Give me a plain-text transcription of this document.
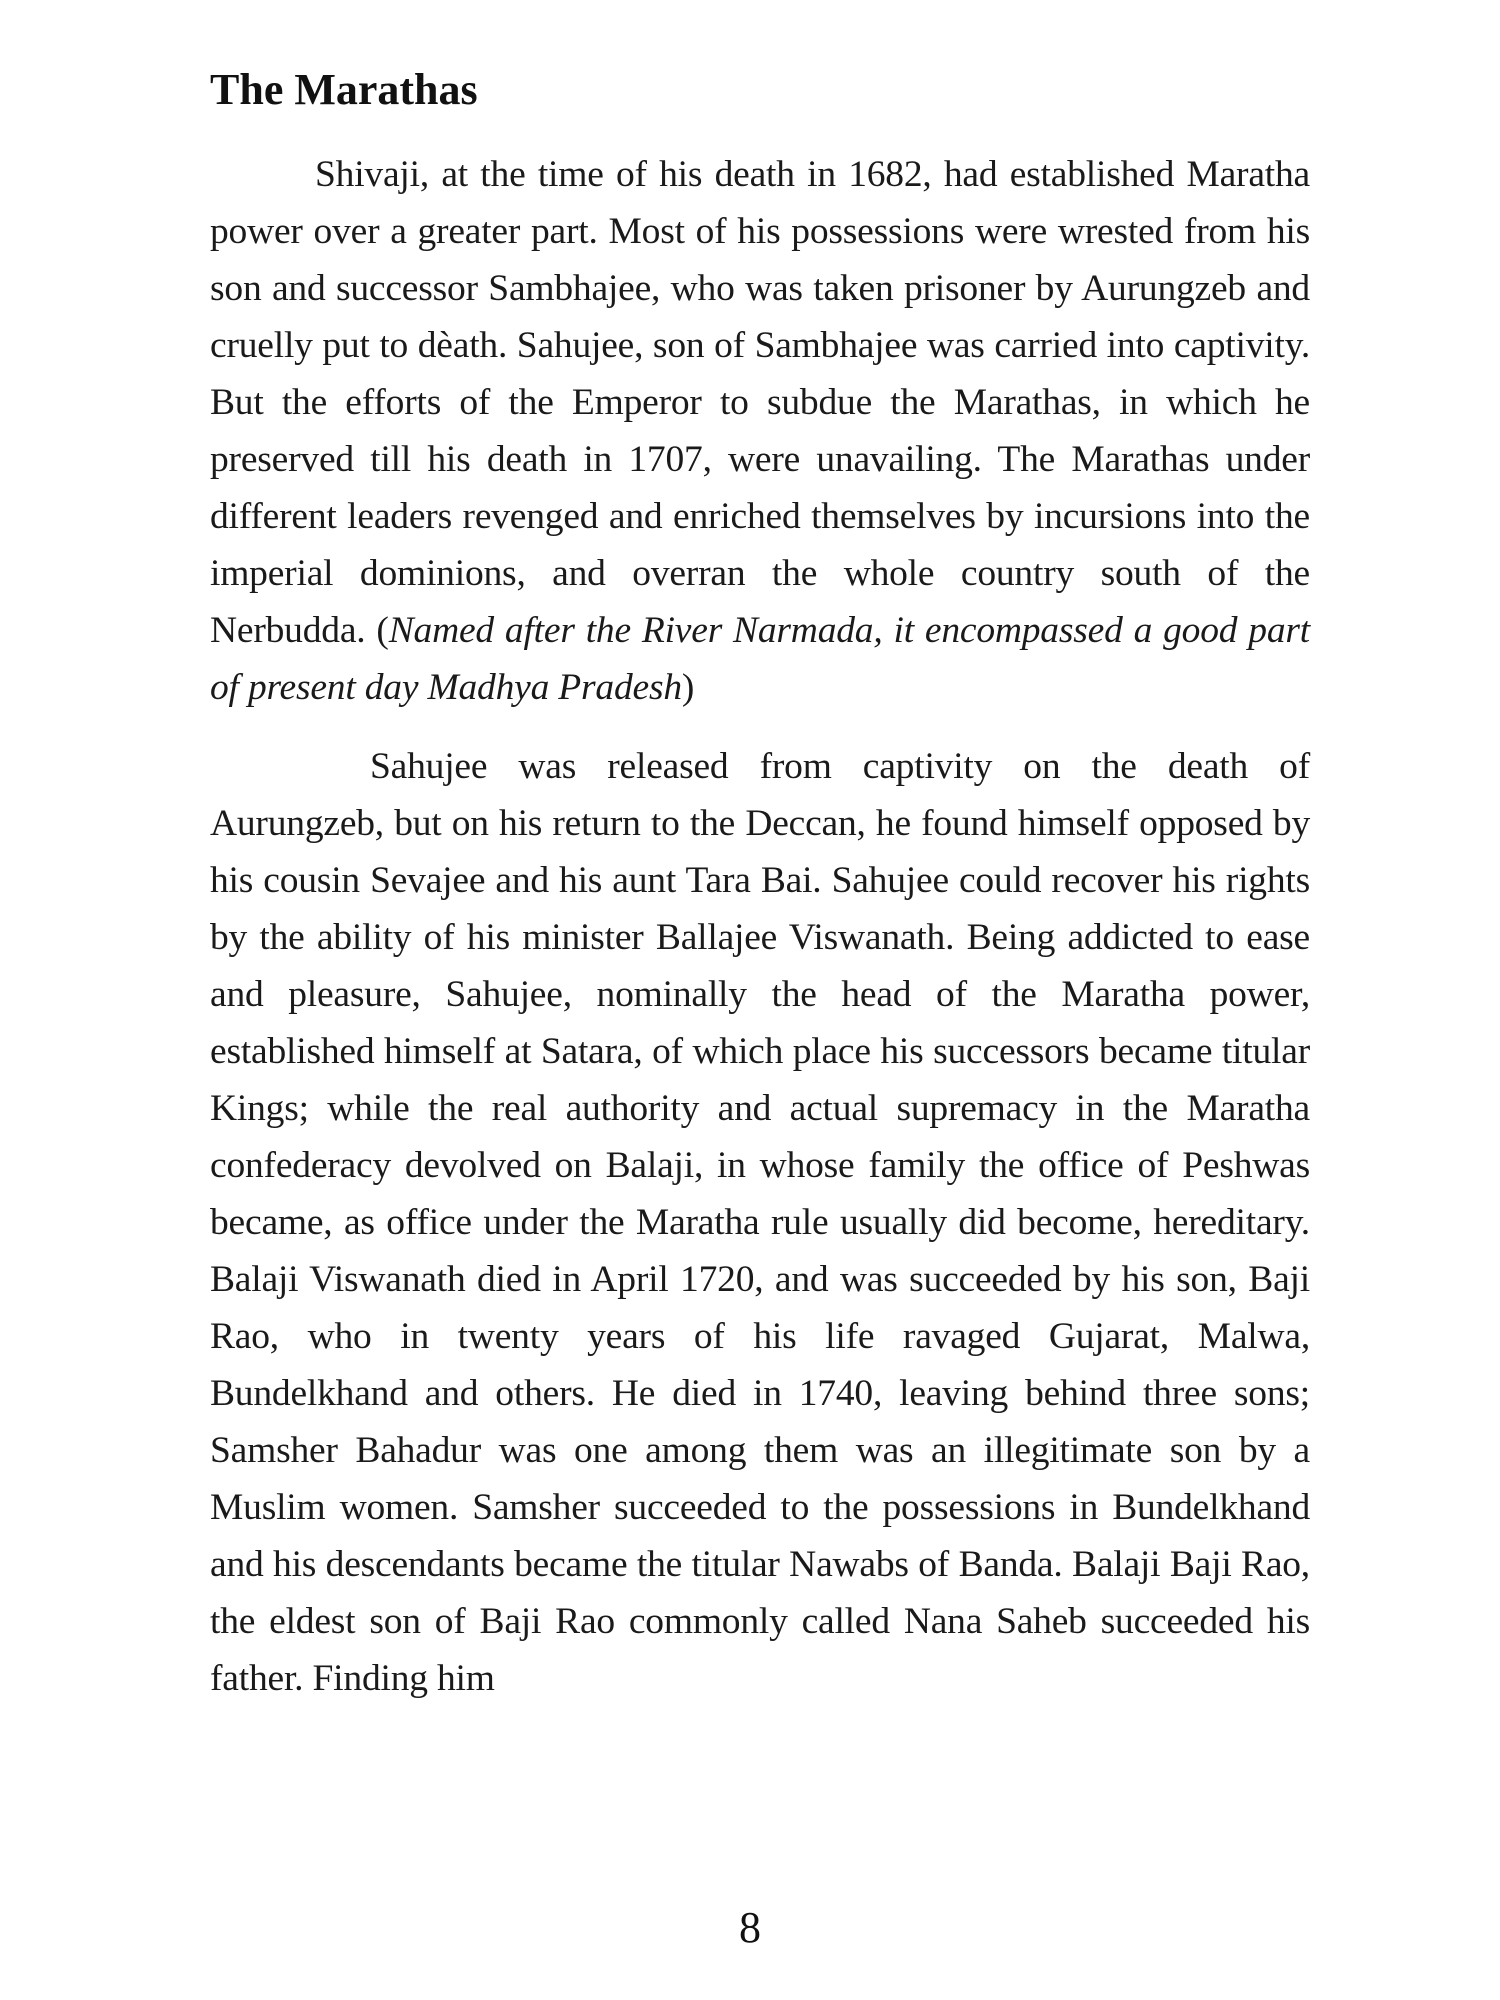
The Marathas

Shivaji, at the time of his death in 1682, had established Maratha power over a greater part. Most of his possessions were wrested from his son and successor Sambhajee, who was taken prisoner by Aurungzeb and cruelly put to dèath. Sahujee, son of Sambhajee was carried into captivity. But the efforts of the Emperor to subdue the Marathas, in which he preserved till his death in 1707, were unavailing. The Marathas under different leaders revenged and enriched themselves by incursions into the imperial dominions, and overran the whole country south of the Nerbudda. (Named after the River Narmada, it encompassed a good part of present day Madhya Pradesh)

Sahujee was released from captivity on the death of Aurungzeb, but on his return to the Deccan, he found himself opposed by his cousin Sevajee and his aunt Tara Bai. Sahujee could recover his rights by the ability of his minister Ballajee Viswanath. Being addicted to ease and pleasure, Sahujee, nominally the head of the Maratha power, established himself at Satara, of which place his successors became titular Kings; while the real authority and actual supremacy in the Maratha confederacy devolved on Balaji, in whose family the office of Peshwas became, as office under the Maratha rule usually did become, hereditary. Balaji Viswanath died in April 1720, and was succeeded by his son, Baji Rao, who in twenty years of his life ravaged Gujarat, Malwa, Bundelkhand and others. He died in 1740, leaving behind three sons; Samsher Bahadur was one among them was an illegitimate son by a Muslim women. Samsher succeeded to the possessions in Bundelkhand and his descendants became the titular Nawabs of Banda. Balaji Baji Rao, the eldest son of Baji Rao commonly called Nana Saheb succeeded his father. Finding him

8
